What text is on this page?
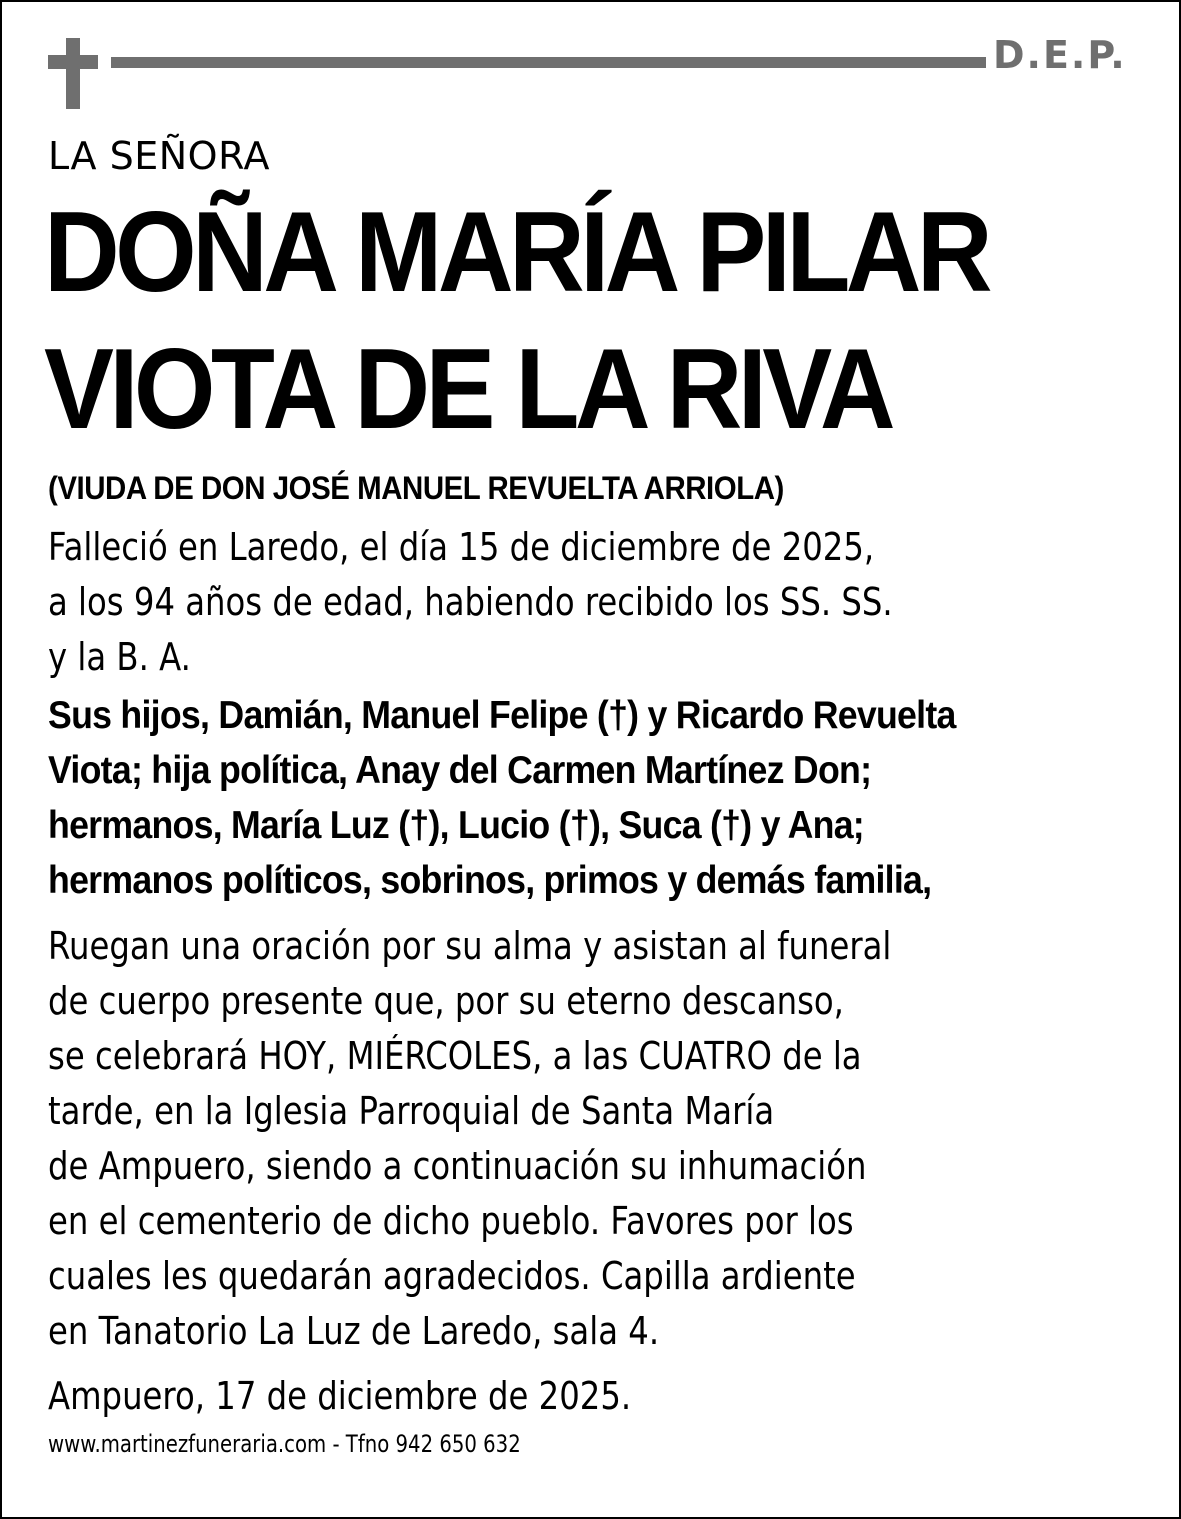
D.E.P.
LA SEÑORA
DOÑA MARÍA PILAR
VIOTA DE LA RIVA
(VIUDA DE DON JOSÉ MANUEL REVUELTA ARRIOLA)
Falleció en Laredo, el día 15 de diciembre de 2025,
a los 94 años de edad, habiendo recibido los SS. SS.
y la B. A.
Sus hijos, Damián, Manuel Felipe (†) y Ricardo Revuelta
Viota; hija política, Anay del Carmen Martínez Don;
hermanos, María Luz (†), Lucio (†), Suca (†) y Ana;
hermanos políticos, sobrinos, primos y demás familia,
Ruegan una oración por su alma y asistan al funeral
de cuerpo presente que, por su eterno descanso,
se celebrará HOY, MIÉRCOLES, a las CUATRO de la
tarde, en la Iglesia Parroquial de Santa María
de Ampuero, siendo a continuación su inhumación
en el cementerio de dicho pueblo. Favores por los
cuales les quedarán agradecidos. Capilla ardiente
en Tanatorio La Luz de Laredo, sala 4.
Ampuero, 17 de diciembre de 2025.
www.martinezfuneraria.com - Tfno 942 650 632
